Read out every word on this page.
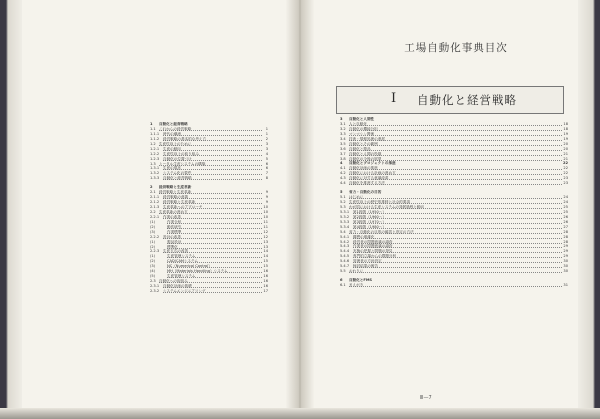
工場自動化事典目次
I 自動化と経営戦略
1 自動化と経営戦略
1.1 これからの経営戦略	1
1.1.1 時代の潮流	1
1.1.2 経営戦略の基本的な考え方	2
1.2 生産性向上のために	3
1.2.1 生産の動向	3
1.2.2 生産性向上の取り組み	4
1.2.3 自動化の位置づけ	5
1.3 トータル生産システムの構築	6
1.3.1 生産の現状	6
1.3.2 システム化の要件	7
1.3.3 自動化と経営戦略	8
2 経営戦略と生産革新
2.1 経営戦略と生産革新	9
2.1.1 経営戦略の意義	9
2.1.2 経営戦略と生産革新	9
2.1.3 生産革新へのアプローチ	10
2.2 生産革新の進め方	10
2.2.1 作業の改善	10
(1)	作業分析	11
(2)	動作研究	11
(3)	作業標準	12
2.2.2 設計の改善	12
(1)	製品設計	13
(2)	標準化	13
2.2.3 生産方式の改善	14
(1)	生産管理システム	14
(2)	CAD/CAMシステム	15
(3)	NC（Numerical Control）	15
(4)	MH（Materials Handling）システム	16
(5)	生産管理システム	16
2.3 自動化への取組み	16
2.3.1 自動化計画の基礎	16
2.3.2 システムエンジニアリング	17
3 自動化と人間性
3.1 人と自動化	18
3.2 自動化の機能分担	18
3.3 マンマシン関係	19
3.4 技術・情報処理の進展	19
3.5 自動化とその範囲	20
3.6 自動化と製品	20
3.7 自動化と人間の役割	21
3.8 自動化の今後の展望	21
4 自動化とプロジェクトの推進	22
4.1 自動化計画の推進	22
4.2 自動化における計画の進め方	22
4.3 自動化に対する意識改革	23
4.4 自動化を推進する方法	23
5 省力・自動化の目的
5.1 はじめに	24
5.2 生産性向上の歴史的推移と社会的要請	24
5.3 わが国における生産システムの発展過程と動向	25
5.3.1 第1段階（1950～）	25
5.3.2 第2段階（1960～）	26
5.3.3 第3段階（1970～）	26
5.3.4 第4段階（1980～）	27
5.4 省力・自動化の目的の確認と設定の方法	28
5.4.1 構想の明確化	28
5.4.2 経営者の問題意識の調査	28
5.4.3 作業者の問題意識の調査	29
5.4.4 実態の把握と問題の発見	29
5.4.5 専門的立場からの問題分析	29
5.4.6 管理者の方針設定	30
5.4.7 検討結果の報告	30
5.5 おわりに	30
6 自動化とFMS
6.1 まえがき	31
Ⅲ—7
